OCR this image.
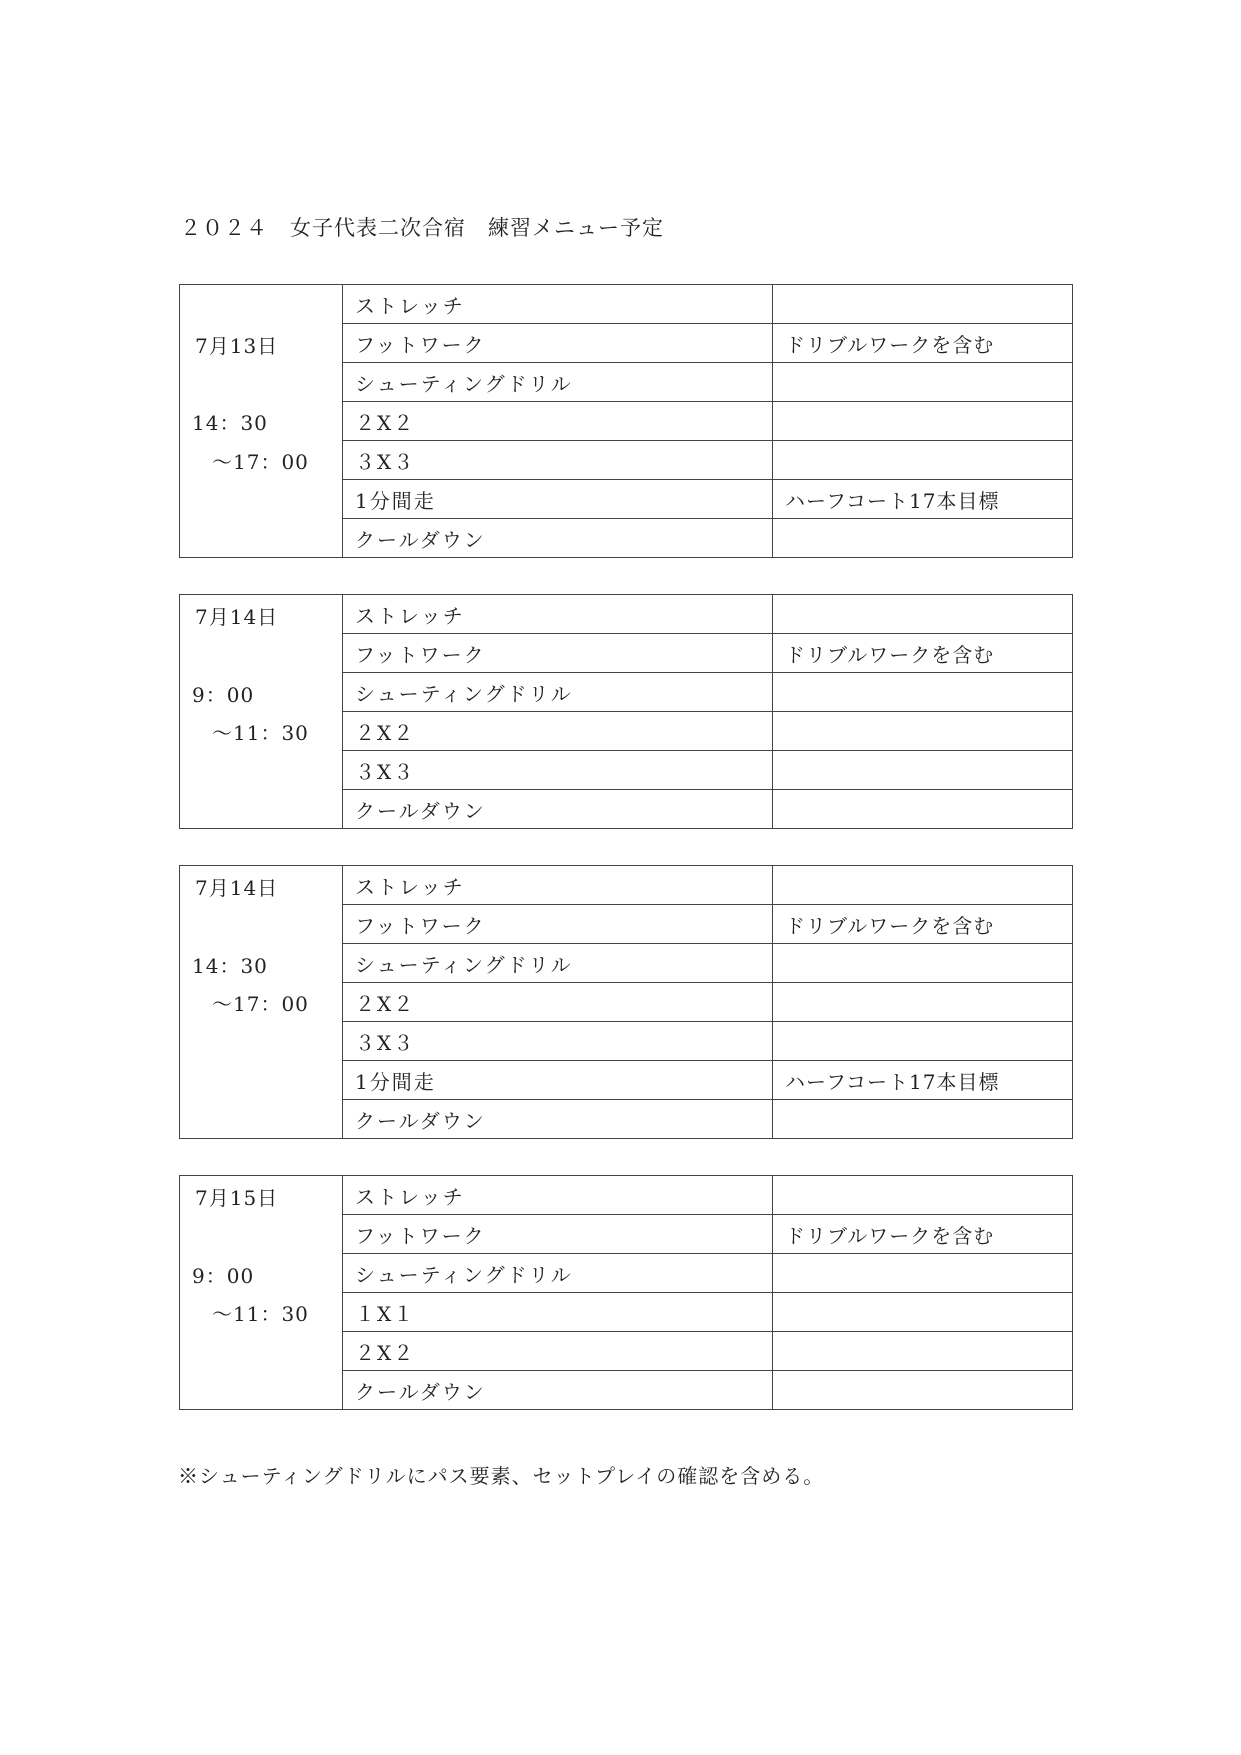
２０２４　女子代表二次合宿　練習メニュー予定
7月13日
14：30
～17：00	ストレッチ	
	フットワーク	ドリブルワークを含む
	シューティングドリル	
	２X２	
	３X３	
	1分間走	ハーフコート17本目標
	クールダウン	
7月14日
9：00
～11：30	ストレッチ	
	フットワーク	ドリブルワークを含む
	シューティングドリル	
	２X２	
	３X３	
	クールダウン	
7月14日
14：30
～17：00	ストレッチ	
	フットワーク	ドリブルワークを含む
	シューティングドリル	
	２X２	
	３X３	
	1分間走	ハーフコート17本目標
	クールダウン	
7月15日
9：00
～11：30	ストレッチ	
	フットワーク	ドリブルワークを含む
	シューティングドリル	
	１X１	
	２X２	
	クールダウン	
※シューティングドリルにパス要素、セットプレイの確認を含める。
